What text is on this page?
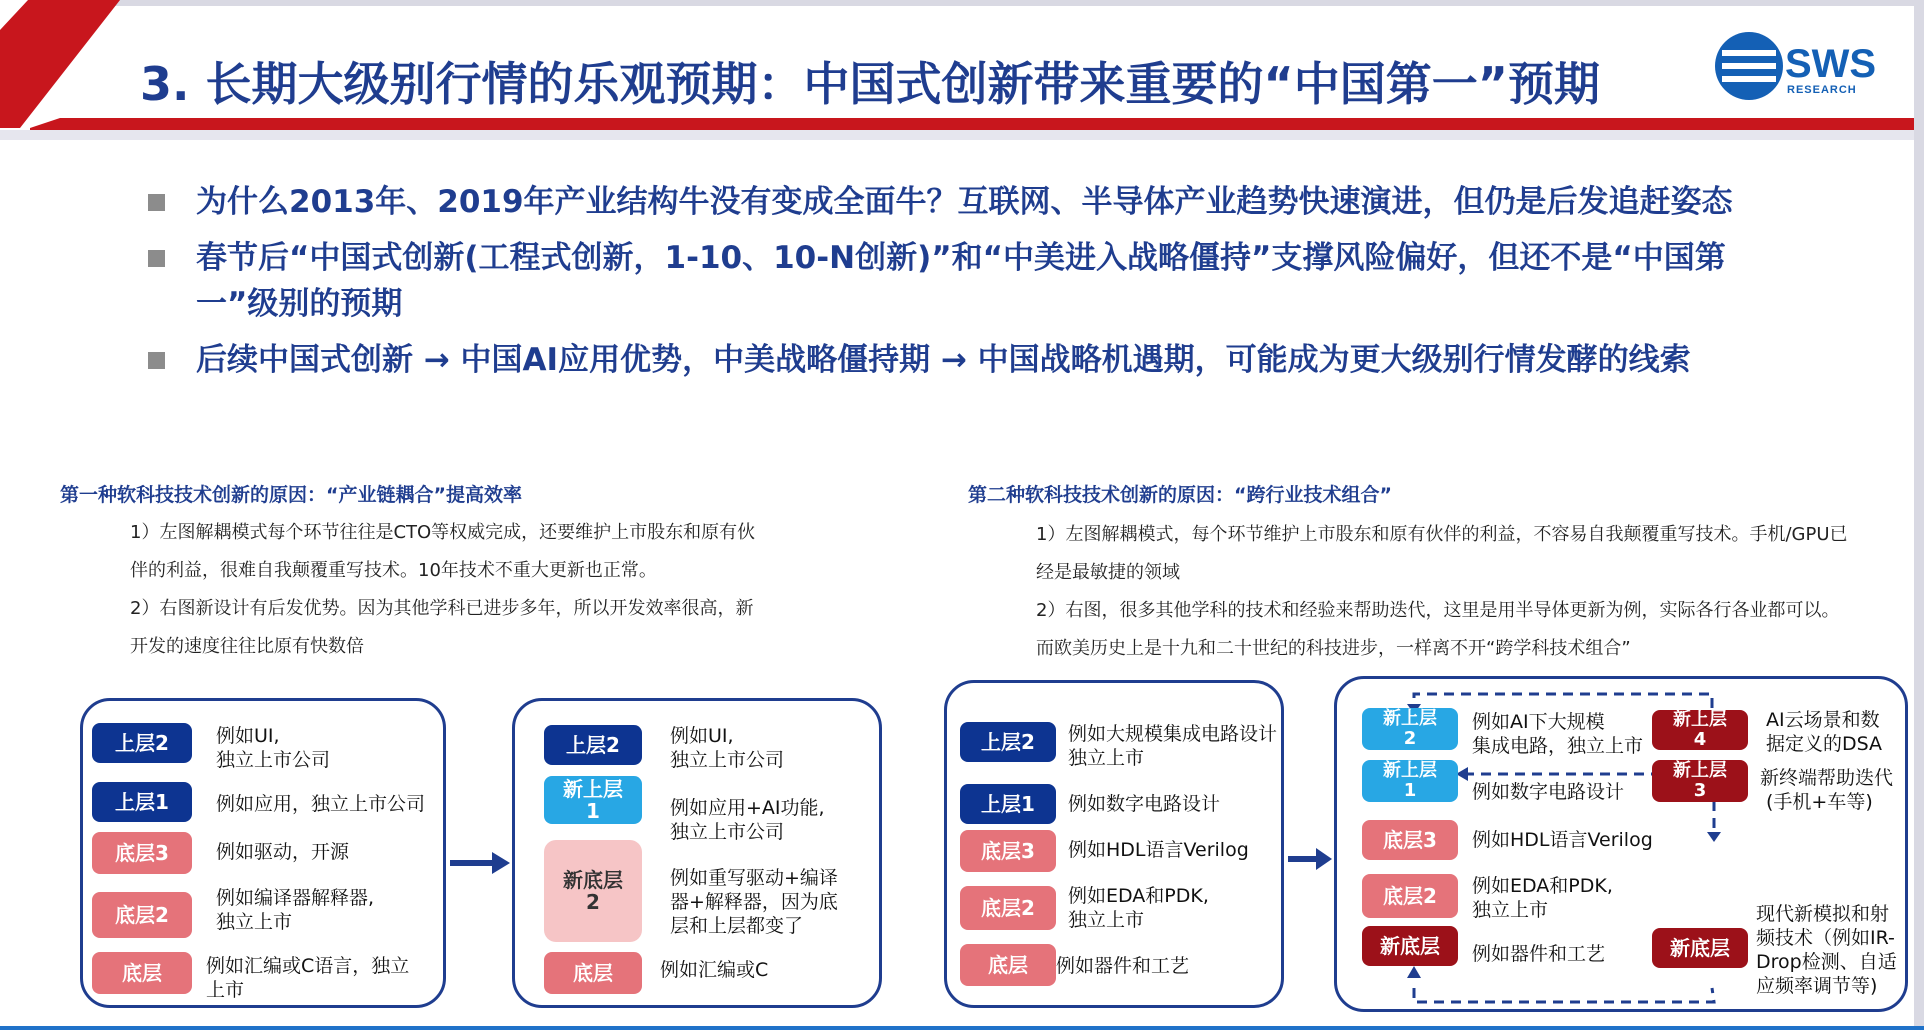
3. 长期大级别行情的乐观预期：中国式创新带来重要的“中国第一”预期	SWS
RESEARCH
为什么2013年、2019年产业结构牛没有变成全面牛？互联网、半导体产业趋势快速演进，但仍是后发追赶姿态
春节后“中国式创新(工程式创新，1-10、10-N创新)”和“中美进入战略僵持”支撑风险偏好，但还不是“中国第
一”级别的预期
后续中国式创新 → 中国AI应用优势，中美战略僵持期 → 中国战略机遇期，可能成为更大级别行情发酵的线索
第一种软科技技术创新的原因：“产业链耦合”提高效率
1）左图解耦模式每个环节往往是CTO等权威完成，还要维护上市股东和原有伙
伴的利益，很难自我颠覆重写技术。10年技术不重大更新也正常。
2）右图新设计有后发优势。因为其他学科已进步多年，所以开发效率很高，新
开发的速度往往比原有快数倍
第二种软科技技术创新的原因：“跨行业技术组合”
1）左图解耦模式，每个环节维护上市股东和原有伙伴的利益，不容易自我颠覆重写技术。手机/GPU已
经是最敏捷的领域
2）右图，很多其他学科的技术和经验来帮助迭代，这里是用半导体更新为例，实际各行各业都可以。
而欧美历史上是十九和二十世纪的科技进步，一样离不开“跨学科技术组合”
上层2	例如UI,
独立上市公司
上层1	例如应用，独立上市公司
底层3	例如驱动，开源
底层2
例如编译器解释器,
独立上市
底层	例如汇编或C语言，独立
上市
上层2	例如UI,
独立上市公司
新上层
1	例如应用+AI功能,
独立上市公司
新底层
2
例如重写驱动+编译
器+解释器，因为底
层和上层都变了
底层	例如汇编或C
上层2	例如大规模集成电路设计
独立上市
上层1	例如数字电路设计
底层3	例如HDL语言Verilog
底层2	例如EDA和PDK,
独立上市
底层	例如器件和工艺
新上层
2
例如AI下大规模
集成电路，独立上市
新上层
1	例如数字电路设计
底层3	例如HDL语言Verilog
底层2	例如EDA和PDK,
独立上市
新底层	例如器件和工艺
新上层
4
AI云场景和数
据定义的DSA
新上层
3
新终端帮助迭代
(手机+车等)
新底层
现代新模拟和射
频技术（例如IR-
Drop检测、自适
应频率调节等)
